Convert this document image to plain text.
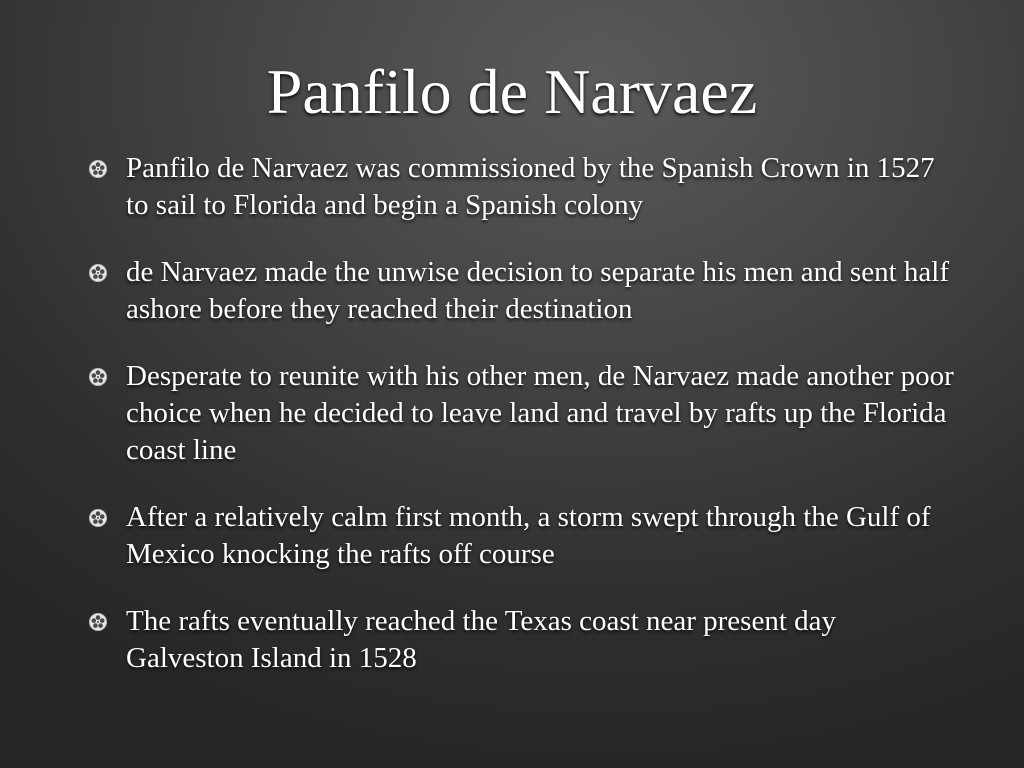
Panfilo de Narvaez
Panfilo de Narvaez was commissioned by the Spanish Crown in 1527 to sail to Florida and begin a Spanish colony
de Narvaez made the unwise decision to separate his men and sent half ashore before they reached their destination
Desperate to reunite with his other men, de Narvaez made another poor choice when he decided to leave land and travel by rafts up the Florida coast line
After a relatively calm first month, a storm swept through the Gulf of Mexico knocking the rafts off course
The rafts eventually reached the Texas coast near present day Galveston Island in 1528
